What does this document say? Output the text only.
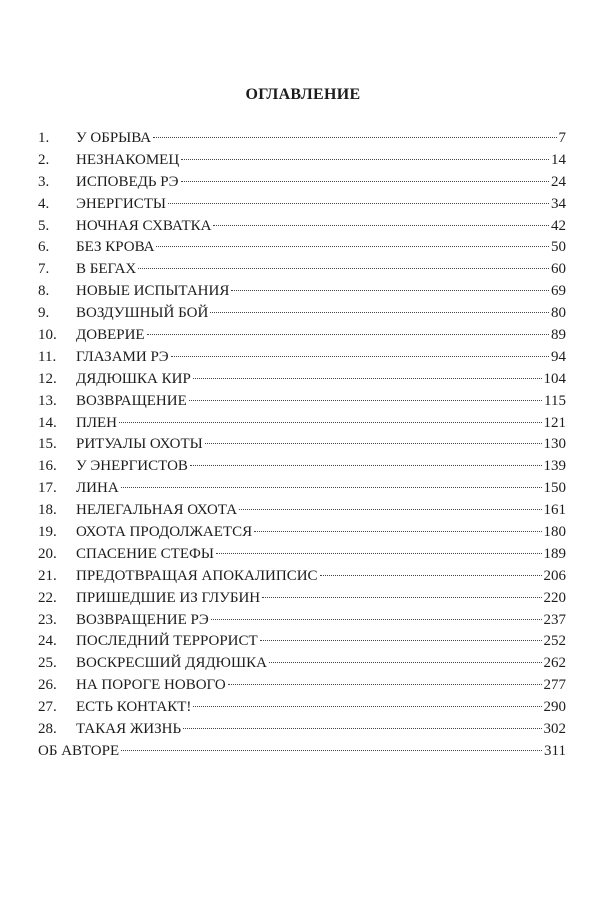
ОГЛАВЛЕНИЕ
1.	У ОБРЫВА	7
2.	НЕЗНАКОМЕЦ	14
3.	ИСПОВЕДЬ РЭ	24
4.	ЭНЕРГИСТЫ	34
5.	НОЧНАЯ СХВАТКА	42
6.	БЕЗ КРОВА	50
7.	В БЕГАХ	60
8.	НОВЫЕ ИСПЫТАНИЯ	69
9.	ВОЗДУШНЫЙ БОЙ	80
10.	ДОВЕРИЕ	89
11.	ГЛАЗАМИ РЭ	94
12.	ДЯДЮШКА КИР	104
13.	ВОЗВРАЩЕНИЕ	115
14.	ПЛЕН	121
15.	РИТУАЛЫ ОХОТЫ	130
16.	У ЭНЕРГИСТОВ	139
17.	ЛИНА	150
18.	НЕЛЕГАЛЬНАЯ ОХОТА	161
19.	ОХОТА ПРОДОЛЖАЕТСЯ	180
20.	СПАСЕНИЕ СТЕФЫ	189
21.	ПРЕДОТВРАЩАЯ АПОКАЛИПСИС	206
22.	ПРИШЕДШИЕ ИЗ ГЛУБИН	220
23.	ВОЗВРАЩЕНИЕ РЭ	237
24.	ПОСЛЕДНИЙ ТЕРРОРИСТ	252
25.	ВОСКРЕСШИЙ ДЯДЮШКА	262
26.	НА ПОРОГЕ НОВОГО	277
27.	ЕСТЬ КОНТАКТ!	290
28.	ТАКАЯ ЖИЗНЬ	302
ОБ АВТОРЕ	311
